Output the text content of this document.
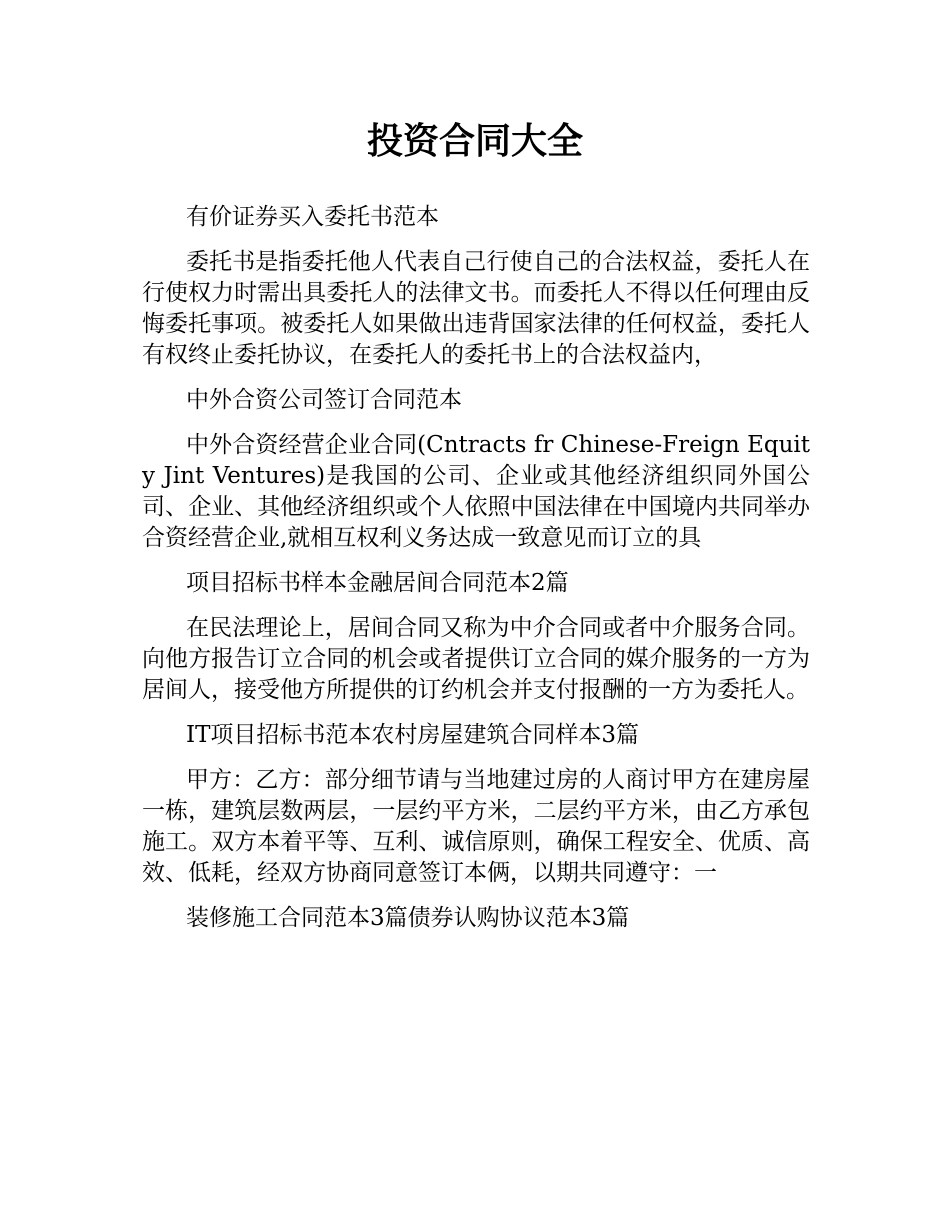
投资合同大全

有价证券买入委托书范本

委托书是指委托他人代表自己行使自己的合法权益，委托人在行使权力时需出具委托人的法律文书。而委托人不得以任何理由反悔委托事项。被委托人如果做出违背国家法律的任何权益，委托人有权终止委托协议，在委托人的委托书上的合法权益内，

中外合资公司签订合同范本

中外合资经营企业合同(Cntracts fr Chinese-Freign Equity Jint Ventures)是我国的公司、企业或其他经济组织同外国公司、企业、其他经济组织或个人依照中国法律在中国境内共同举办合资经营企业,就相互权利义务达成一致意见而订立的具

项目招标书样本金融居间合同范本2篇

在民法理论上，居间合同又称为中介合同或者中介服务合同。向他方报告订立合同的机会或者提供订立合同的媒介服务的一方为居间人，接受他方所提供的订约机会并支付报酬的一方为委托人。

IT项目招标书范本农村房屋建筑合同样本3篇

甲方：乙方：部分细节请与当地建过房的人商讨甲方在建房屋一栋，建筑层数两层，一层约平方米，二层约平方米，由乙方承包施工。双方本着平等、互利、诚信原则，确保工程安全、优质、高效、低耗，经双方协商同意签订本俩，以期共同遵守：一

装修施工合同范本3篇债券认购协议范本3篇
